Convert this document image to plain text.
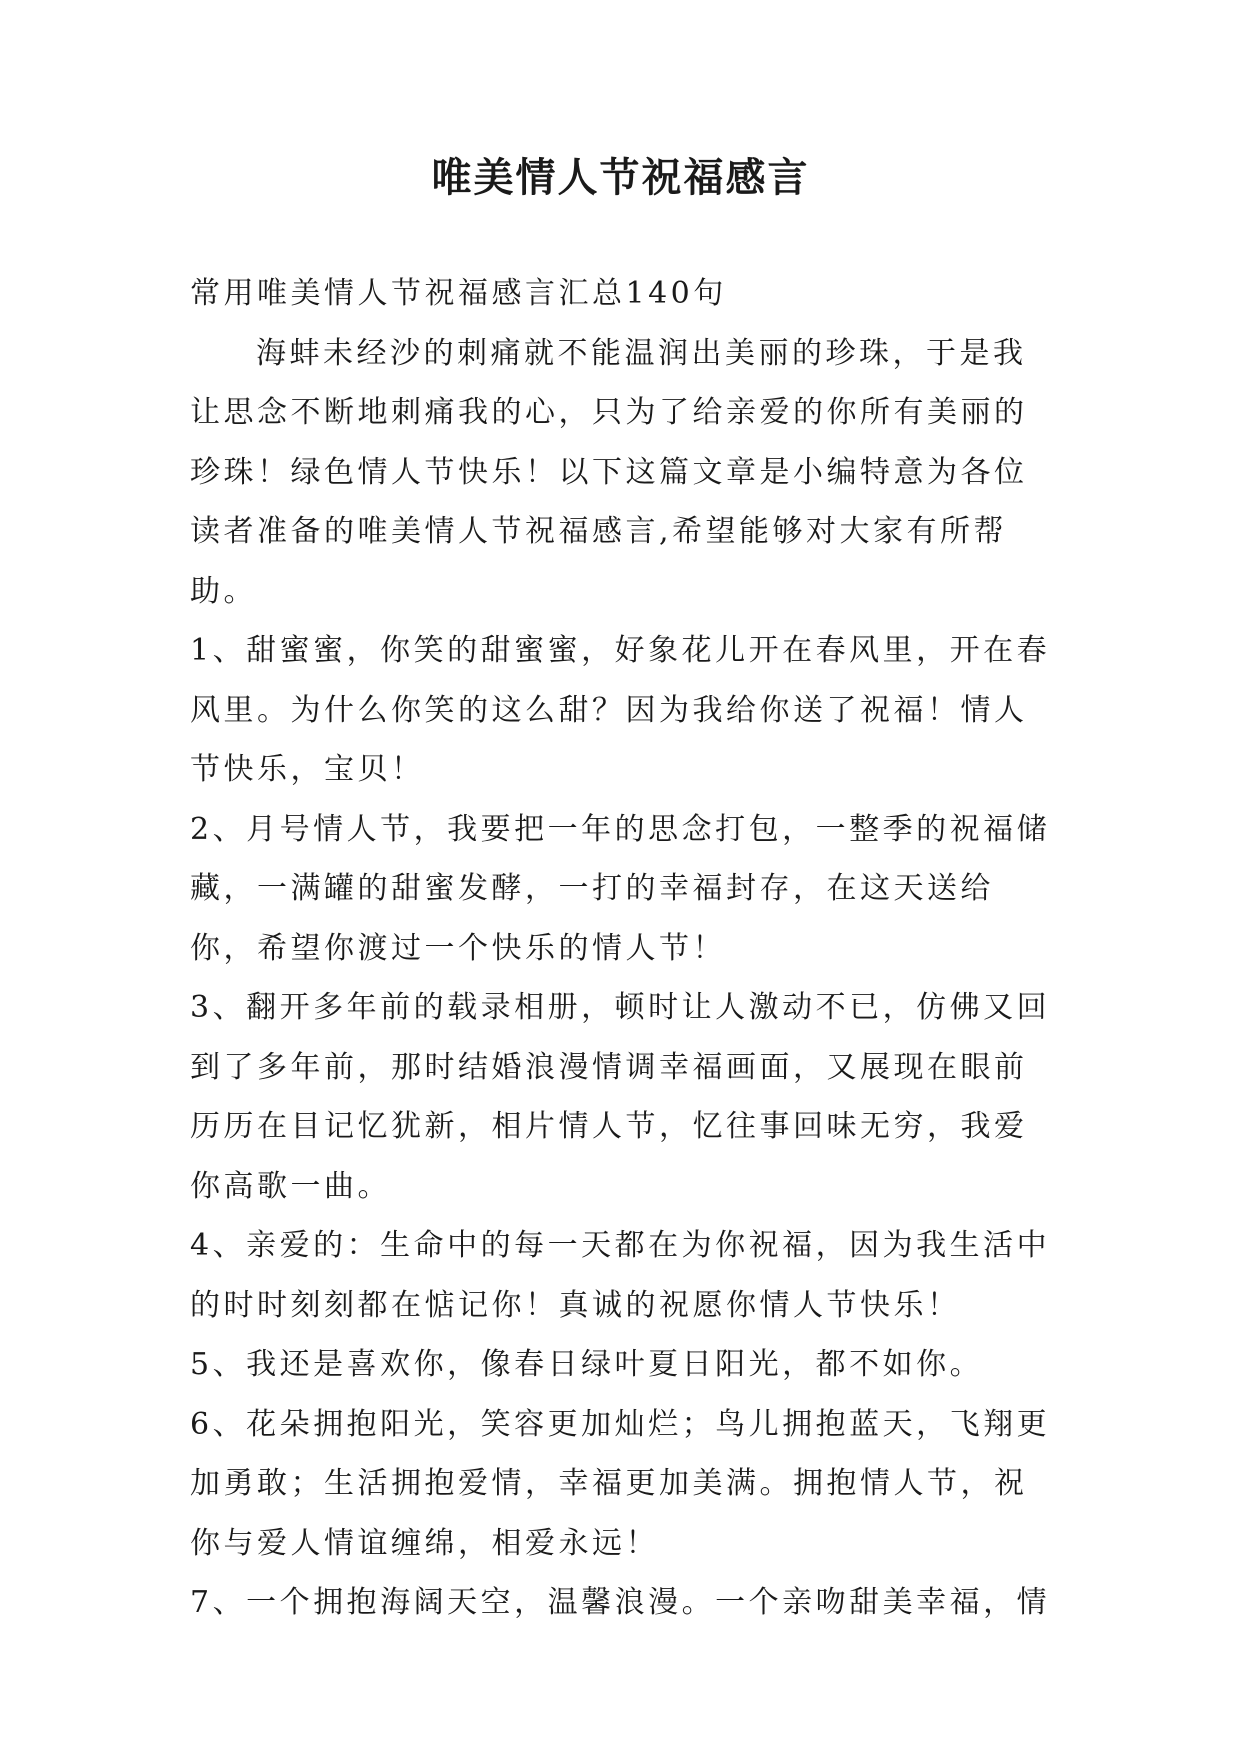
唯美情人节祝福感言

常用唯美情人节祝福感言汇总140句

海蚌未经沙的刺痛就不能温润出美丽的珍珠，于是我让思念不断地刺痛我的心，只为了给亲爱的你所有美丽的珍珠！绿色情人节快乐！以下这篇文章是小编特意为各位读者准备的唯美情人节祝福感言,希望能够对大家有所帮助。

1、甜蜜蜜，你笑的甜蜜蜜，好象花儿开在春风里，开在春风里。为什么你笑的这么甜？因为我给你送了祝福！情人节快乐，宝贝！

2、月号情人节，我要把一年的思念打包，一整季的祝福储藏，一满罐的甜蜜发酵，一打的幸福封存，在这天送给你，希望你渡过一个快乐的情人节！

3、翻开多年前的载录相册，顿时让人激动不已，仿佛又回到了多年前，那时结婚浪漫情调幸福画面，又展现在眼前历历在目记忆犹新，相片情人节，忆往事回味无穷，我爱你高歌一曲。

4、亲爱的：生命中的每一天都在为你祝福，因为我生活中的时时刻刻都在惦记你！真诚的祝愿你情人节快乐！

5、我还是喜欢你，像春日绿叶夏日阳光，都不如你。

6、花朵拥抱阳光，笑容更加灿烂；鸟儿拥抱蓝天，飞翔更加勇敢；生活拥抱爱情，幸福更加美满。拥抱情人节，祝你与爱人情谊缠绵，相爱永远！

7、一个拥抱海阔天空，温馨浪漫。一个亲吻甜美幸福，情
